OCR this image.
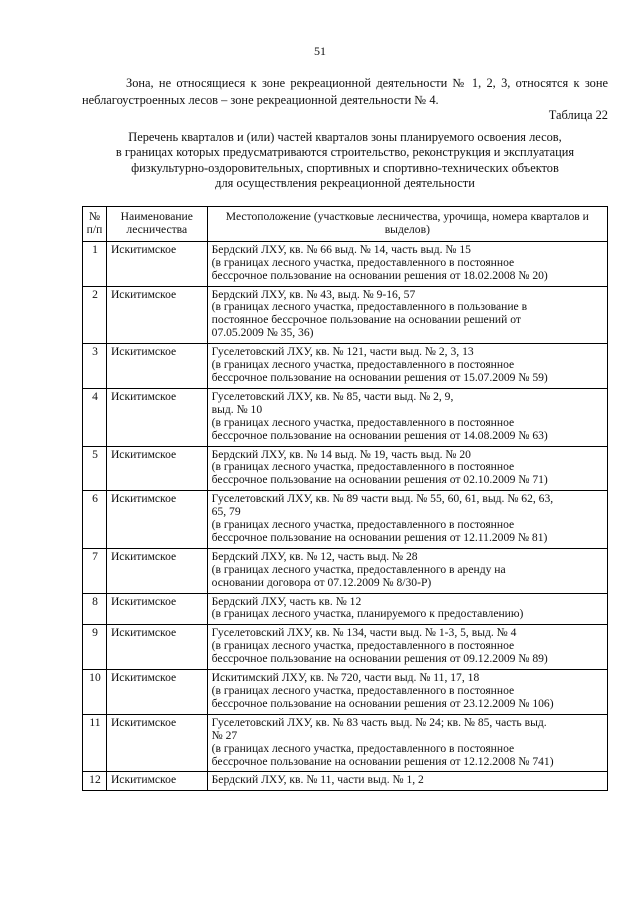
51

Зона, не относящиеся к зоне рекреационной деятельности № 1, 2, 3, относятся к зоне неблагоустроенных лесов – зоне рекреационной деятельности № 4.

Таблица 22
Перечень кварталов и (или) частей кварталов зоны планируемого освоения лесов,
в границах которых предусматриваются строительство, реконструкция и эксплуатация
физкультурно-оздоровительных, спортивных и спортивно-технических объектов
для осуществления рекреационной деятельности
№ п/п	Наименование лесничества	Местоположение (участковые лесничества, урочища, номера кварталов и выделов)
1	Искитимское	Бердский ЛХУ, кв. № 66 выд. № 14, часть выд. № 15
(в границах лесного участка, предоставленного в постоянное
бессрочное пользование на основании решения от 18.02.2008 № 20)

2	Искитимское	Бердский ЛХУ, кв. № 43, выд. № 9-16, 57
(в границах лесного участка, предоставленного в пользование в
постоянное бессрочное пользование на основании решений от
07.05.2009 № 35, 36)

3	Искитимское	Гуселетовский ЛХУ, кв. № 121, части выд. № 2, 3, 13
(в границах лесного участка, предоставленного в постоянное
бессрочное пользование на основании решения от 15.07.2009 № 59)

4	Искитимское	Гуселетовский ЛХУ, кв. № 85, части выд. № 2, 9,
выд. № 10
(в границах лесного участка, предоставленного в постоянное
бессрочное пользование на основании решения от 14.08.2009 № 63)

5	Искитимское	Бердский ЛХУ, кв. № 14 выд. № 19, часть выд. № 20
(в границах лесного участка, предоставленного в постоянное
бессрочное пользование на основании решения от 02.10.2009 № 71)

6	Искитимское	Гуселетовский ЛХУ, кв. № 89 части выд. № 55, 60, 61, выд. № 62, 63,
65, 79
(в границах лесного участка, предоставленного в постоянное
бессрочное пользование на основании решения от 12.11.2009 № 81)

7	Искитимское	Бердский ЛХУ, кв. № 12, часть выд. № 28
(в границах лесного участка, предоставленного в аренду на
основании договора от 07.12.2009 № 8/30-Р)

8	Искитимское	Бердский ЛХУ, часть кв. № 12
(в границах лесного участка, планируемого к предоставлению)

9	Искитимское	Гуселетовский ЛХУ, кв. № 134, части выд. № 1-3, 5, выд. № 4
(в границах лесного участка, предоставленного в постоянное
бессрочное пользование на основании решения от 09.12.2009 № 89)

10	Искитимское	Искитимский ЛХУ, кв. № 720, части выд. № 11, 17, 18
(в границах лесного участка, предоставленного в постоянное
бессрочное пользование на основании решения от 23.12.2009 № 106)

11	Искитимское	Гуселетовский ЛХУ, кв. № 83 часть выд. № 24; кв. № 85, часть выд.
№ 27
(в границах лесного участка, предоставленного в постоянное
бессрочное пользование на основании решения от 12.12.2008 № 741)

12	Искитимское	Бердский ЛХУ, кв. № 11, части выд. № 1, 2
